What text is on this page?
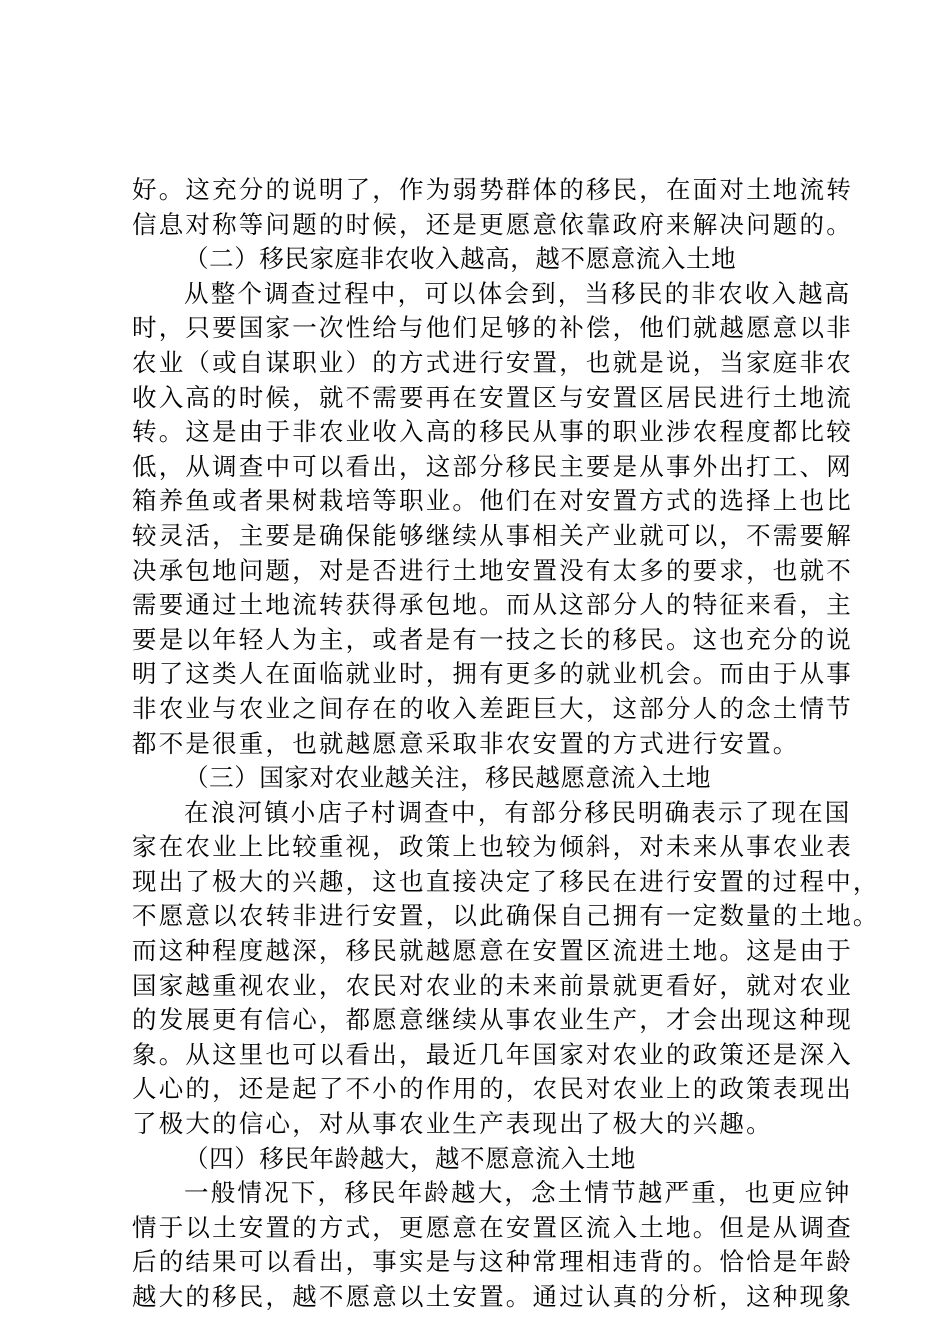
好。这充分的说明了，作为弱势群体的移民，在面对土地流转
信息对称等问题的时候，还是更愿意依靠政府来解决问题的。
（二）移民家庭非农收入越高，越不愿意流入土地
从整个调查过程中，可以体会到，当移民的非农收入越高
时，只要国家一次性给与他们足够的补偿，他们就越愿意以非
农业（或自谋职业）的方式进行安置，也就是说，当家庭非农
收入高的时候，就不需要再在安置区与安置区居民进行土地流
转。这是由于非农业收入高的移民从事的职业涉农程度都比较
低，从调查中可以看出，这部分移民主要是从事外出打工、网
箱养鱼或者果树栽培等职业。他们在对安置方式的选择上也比
较灵活，主要是确保能够继续从事相关产业就可以，不需要解
决承包地问题，对是否进行土地安置没有太多的要求，也就不
需要通过土地流转获得承包地。而从这部分人的特征来看，主
要是以年轻人为主，或者是有一技之长的移民。这也充分的说
明了这类人在面临就业时，拥有更多的就业机会。而由于从事
非农业与农业之间存在的收入差距巨大，这部分人的念土情节
都不是很重，也就越愿意采取非农安置的方式进行安置。
（三）国家对农业越关注，移民越愿意流入土地
在浪河镇小店子村调查中，有部分移民明确表示了现在国
家在农业上比较重视，政策上也较为倾斜，对未来从事农业表
现出了极大的兴趣，这也直接决定了移民在进行安置的过程中，
不愿意以农转非进行安置，以此确保自己拥有一定数量的土地。
而这种程度越深，移民就越愿意在安置区流进土地。这是由于
国家越重视农业，农民对农业的未来前景就更看好，就对农业
的发展更有信心，都愿意继续从事农业生产，才会出现这种现
象。从这里也可以看出，最近几年国家对农业的政策还是深入
人心的，还是起了不小的作用的，农民对农业上的政策表现出
了极大的信心，对从事农业生产表现出了极大的兴趣。
（四）移民年龄越大，越不愿意流入土地
一般情况下，移民年龄越大，念土情节越严重，也更应钟
情于以土安置的方式，更愿意在安置区流入土地。但是从调查
后的结果可以看出，事实是与这种常理相违背的。恰恰是年龄
越大的移民，越不愿意以土安置。通过认真的分析，这种现象
